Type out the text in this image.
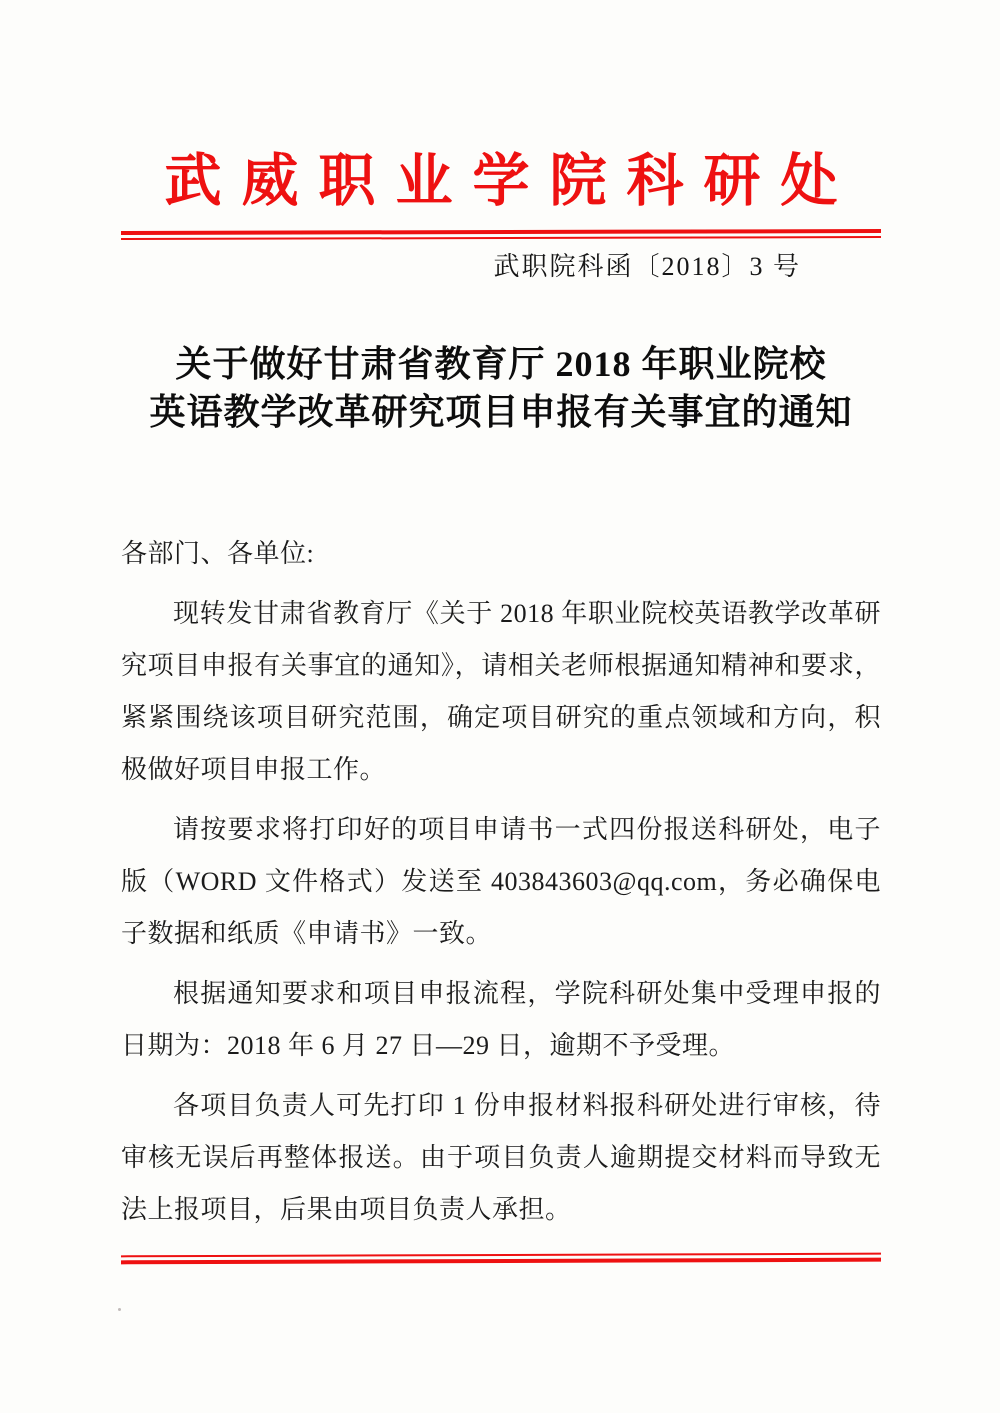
武威职业学院科研处
武职院科函〔2018〕3 号
关于做好甘肃省教育厅 2018 年职业院校
英语教学改革研究项目申报有关事宜的通知

各部门、各单位:

现转发甘肃省教育厅《关于 2018 年职业院校英语教学改革研究项目申报有关事宜的通知》，请相关老师根据通知精神和要求，紧紧围绕该项目研究范围，确定项目研究的重点领域和方向，积极做好项目申报工作。

请按要求将打印好的项目申请书一式四份报送科研处，电子版（WORD 文件格式）发送至 403843603@qq.com，务必确保电子数据和纸质《申请书》一致。

根据通知要求和项目申报流程，学院科研处集中受理申报的日期为：2018 年 6 月 27 日—29 日，逾期不予受理。

各项目负责人可先打印 1 份申报材料报科研处进行审核，待审核无误后再整体报送。由于项目负责人逾期提交材料而导致无法上报项目，后果由项目负责人承担。
